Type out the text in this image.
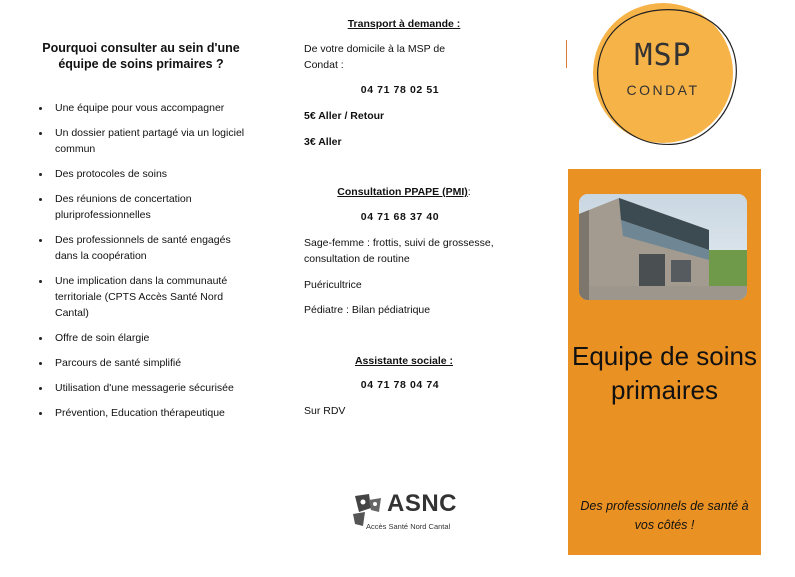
Pourquoi consulter au sein d'une équipe de soins primaires ?
Une équipe pour vous accompagner
Un dossier patient partagé via un logiciel commun
Des protocoles de soins
Des réunions de concertation pluriprofessionnelles
Des professionnels de santé engagés dans la coopération
Une implication dans la communauté territoriale (CPTS Accès Santé Nord Cantal)
Offre de soin élargie
Parcours de santé simplifié
Utilisation d'une messagerie sécurisée
Prévention, Education thérapeutique
Transport à demande :
De votre domicile à la MSP de Condat :
04 71 78 02 51
5€ Aller / Retour
3€ Aller
Consultation PPAPE (PMI):
04 71 68 37 40
Sage-femme : frottis, suivi de grossesse, consultation de routine
Puéricultrice
Pédiatre : Bilan pédiatrique
Assistante sociale :
04 71 78 04 74
Sur RDV
ASNC
Accès Santé Nord Cantal
MSP
CONDAT
Equipe de soins primaires
Des professionnels de santé à vos côtés !
